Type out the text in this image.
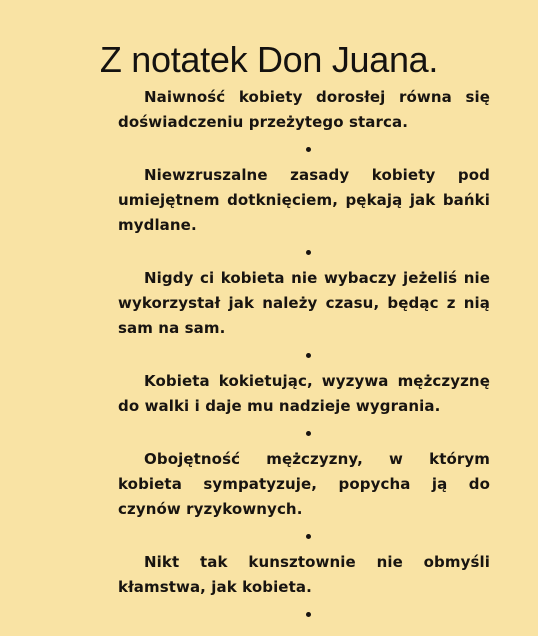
Z notatek Don Juana.

Naiwność kobiety dorosłej równa się doświadczeniu przeżytego starca.

Niewzruszalne zasady kobiety pod umiejętnem dotknięciem, pękają jak bańki mydlane.

Nigdy ci kobieta nie wybaczy jeżeliś nie wykorzystał jak należy czasu, będąc z nią sam na sam.

Kobieta kokietując, wyzywa mężczyznę do walki i daje mu nadzieje wygrania.

Obojętność mężczyzny, w którym kobieta sympatyzuje, popycha ją do czynów ryzykownych.

Nikt tak kunsztownie nie obmyśli kłamstwa, jak kobieta.
